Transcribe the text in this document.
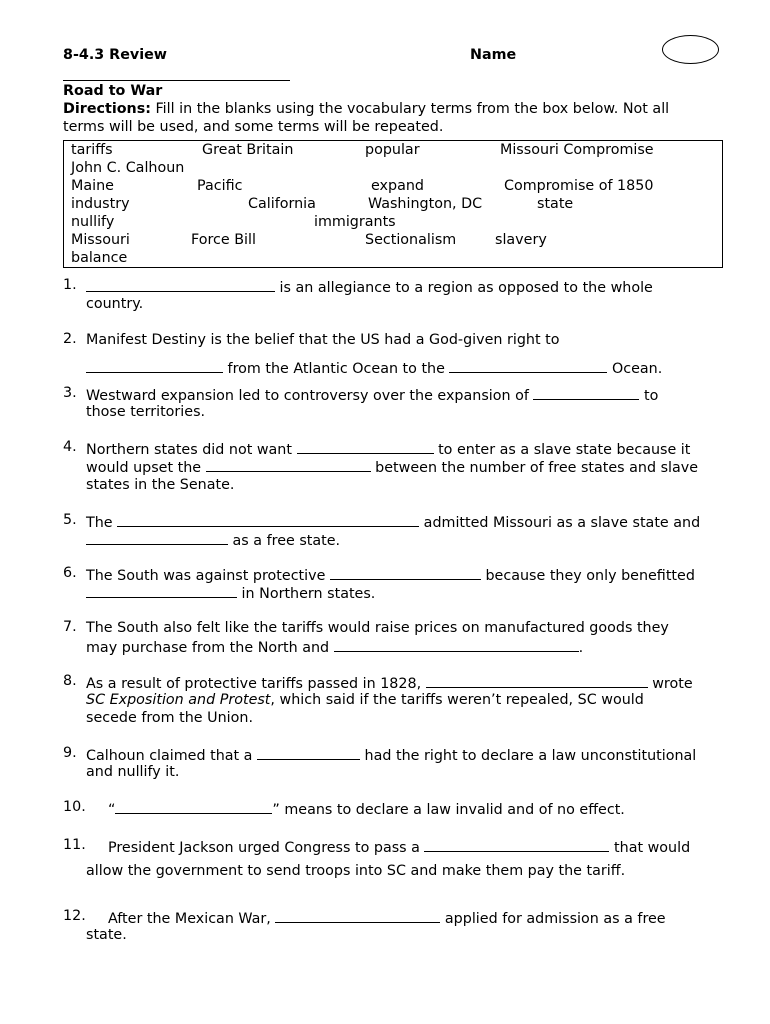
8-4.3 Review	Name
Road to War
Directions: Fill in the blanks using the vocabulary terms from the box below. Not all
terms will be used, and some terms will be repeated.
tariffs	Great Britain	popular	Missouri Compromise
John C. Calhoun
Maine	Pacific	expand	Compromise of 1850
industry	California	Washington, DC	state
nullify	immigrants
Missouri	Force Bill	Sectionalism	slavery
balance
1.	is an allegiance to a region as opposed to the whole
country.
2. Manifest Destiny is the belief that the US had a God-given right to
from the Atlantic Ocean to the	Ocean.
3. Westward expansion led to controversy over the expansion of	to
those territories.
4. Northern states did not want	to enter as a slave state because it
would upset the	between the number of free states and slave
states in the Senate.
5. The	admitted Missouri as a slave state and
as a free state.
6. The South was against protective	because they only benefitted
in Northern states.
7. The South also felt like the tariffs would raise prices on manufactured goods they
may purchase from the North and	.
8. As a result of protective tariffs passed in 1828,	wrote
SC Exposition and Protest, which said if the tariffs weren’t repealed, SC would
secede from the Union.
9. Calhoun claimed that a	had the right to declare a law unconstitutional
and nullify it.
10. “	” means to declare a law invalid and of no effect.
11. President Jackson urged Congress to pass a	that would
allow the government to send troops into SC and make them pay the tariff.
12. After the Mexican War,	applied for admission as a free
state.
